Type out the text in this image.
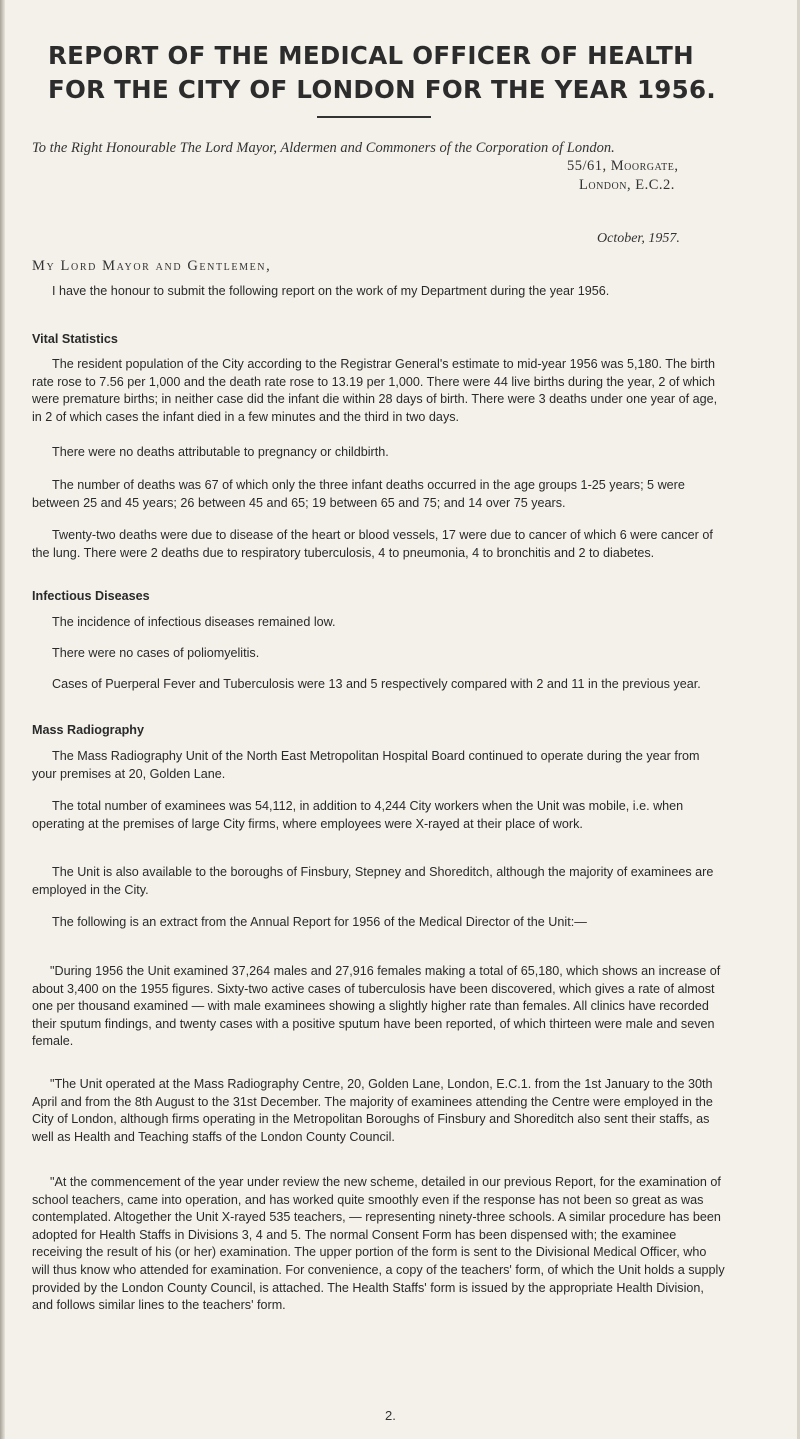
REPORT OF THE MEDICAL OFFICER OF HEALTH
FOR THE CITY OF LONDON FOR THE YEAR 1956.
To the Right Honourable The Lord Mayor, Aldermen and Commoners of the Corporation of London.
55/61, Moorgate,
London, E.C.2.
October, 1957.
My Lord Mayor and Gentlemen,
I have the honour to submit the following report on the work of my Department during the year 1956.
Vital Statistics
The resident population of the City according to the Registrar General's estimate to mid-year 1956 was 5,180. The birth rate rose to 7.56 per 1,000 and the death rate rose to 13.19 per 1,000. There were 44 live births during the year, 2 of which were premature births; in neither case did the infant die within 28 days of birth. There were 3 deaths under one year of age, in 2 of which cases the infant died in a few minutes and the third in two days.
There were no deaths attributable to pregnancy or childbirth.
The number of deaths was 67 of which only the three infant deaths occurred in the age groups 1-25 years; 5 were between 25 and 45 years; 26 between 45 and 65; 19 between 65 and 75; and 14 over 75 years.
Twenty-two deaths were due to disease of the heart or blood vessels, 17 were due to cancer of which 6 were cancer of the lung. There were 2 deaths due to respiratory tuberculosis, 4 to pneumonia, 4 to bronchitis and 2 to diabetes.
Infectious Diseases
The incidence of infectious diseases remained low.
There were no cases of poliomyelitis.
Cases of Puerperal Fever and Tuberculosis were 13 and 5 respectively compared with 2 and 11 in the previous year.
Mass Radiography
The Mass Radiography Unit of the North East Metropolitan Hospital Board continued to operate during the year from your premises at 20, Golden Lane.
The total number of examinees was 54,112, in addition to 4,244 City workers when the Unit was mobile, i.e. when operating at the premises of large City firms, where employees were X-rayed at their place of work.
The Unit is also available to the boroughs of Finsbury, Stepney and Shoreditch, although the majority of examinees are employed in the City.
The following is an extract from the Annual Report for 1956 of the Medical Director of the Unit:—
"During 1956 the Unit examined 37,264 males and 27,916 females making a total of 65,180, which shows an increase of about 3,400 on the 1955 figures. Sixty-two active cases of tuberculosis have been discovered, which gives a rate of almost one per thousand examined — with male examinees showing a slightly higher rate than females. All clinics have recorded their sputum findings, and twenty cases with a positive sputum have been reported, of which thirteen were male and seven female.
"The Unit operated at the Mass Radiography Centre, 20, Golden Lane, London, E.C.1. from the 1st January to the 30th April and from the 8th August to the 31st December. The majority of examinees attending the Centre were employed in the City of London, although firms operating in the Metropolitan Boroughs of Finsbury and Shoreditch also sent their staffs, as well as Health and Teaching staffs of the London County Council.
"At the commencement of the year under review the new scheme, detailed in our previous Report, for the examination of school teachers, came into operation, and has worked quite smoothly even if the response has not been so great as was contemplated. Altogether the Unit X-rayed 535 teachers, — representing ninety-three schools. A similar procedure has been adopted for Health Staffs in Divisions 3, 4 and 5. The normal Consent Form has been dispensed with; the examinee receiving the result of his (or her) examination. The upper portion of the form is sent to the Divisional Medical Officer, who will thus know who attended for examination. For convenience, a copy of the teachers' form, of which the Unit holds a supply provided by the London County Council, is attached. The Health Staffs' form is issued by the appropriate Health Division, and follows similar lines to the teachers' form.
2.
